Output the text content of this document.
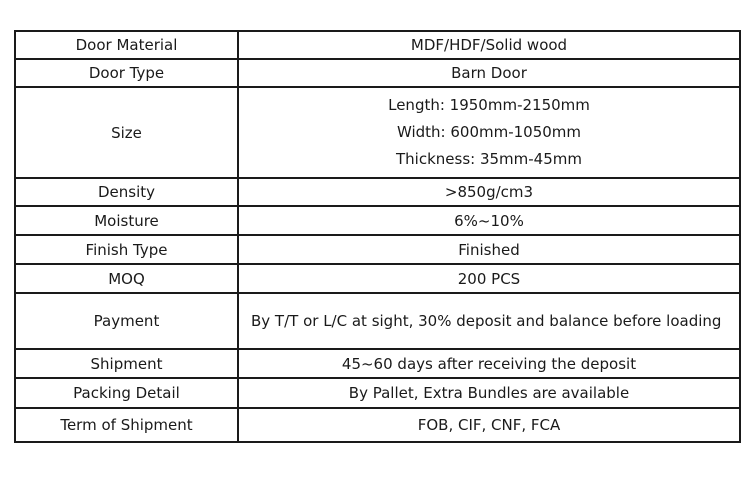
Door Material	MDF/HDF/Solid wood
Door Type	Barn Door
Size	Length: 1950mm-2150mm
Width: 600mm-1050mm
Thickness: 35mm-45mm

Density	>850g/cm3
Moisture	6%~10%
Finish Type	Finished
MOQ	200 PCS
Payment	By T/T or L/C at sight, 30% deposit and balance before loading
Shipment	45~60 days after receiving the deposit
Packing Detail	By Pallet, Extra Bundles are available
Term of Shipment	FOB, CIF, CNF, FCA
